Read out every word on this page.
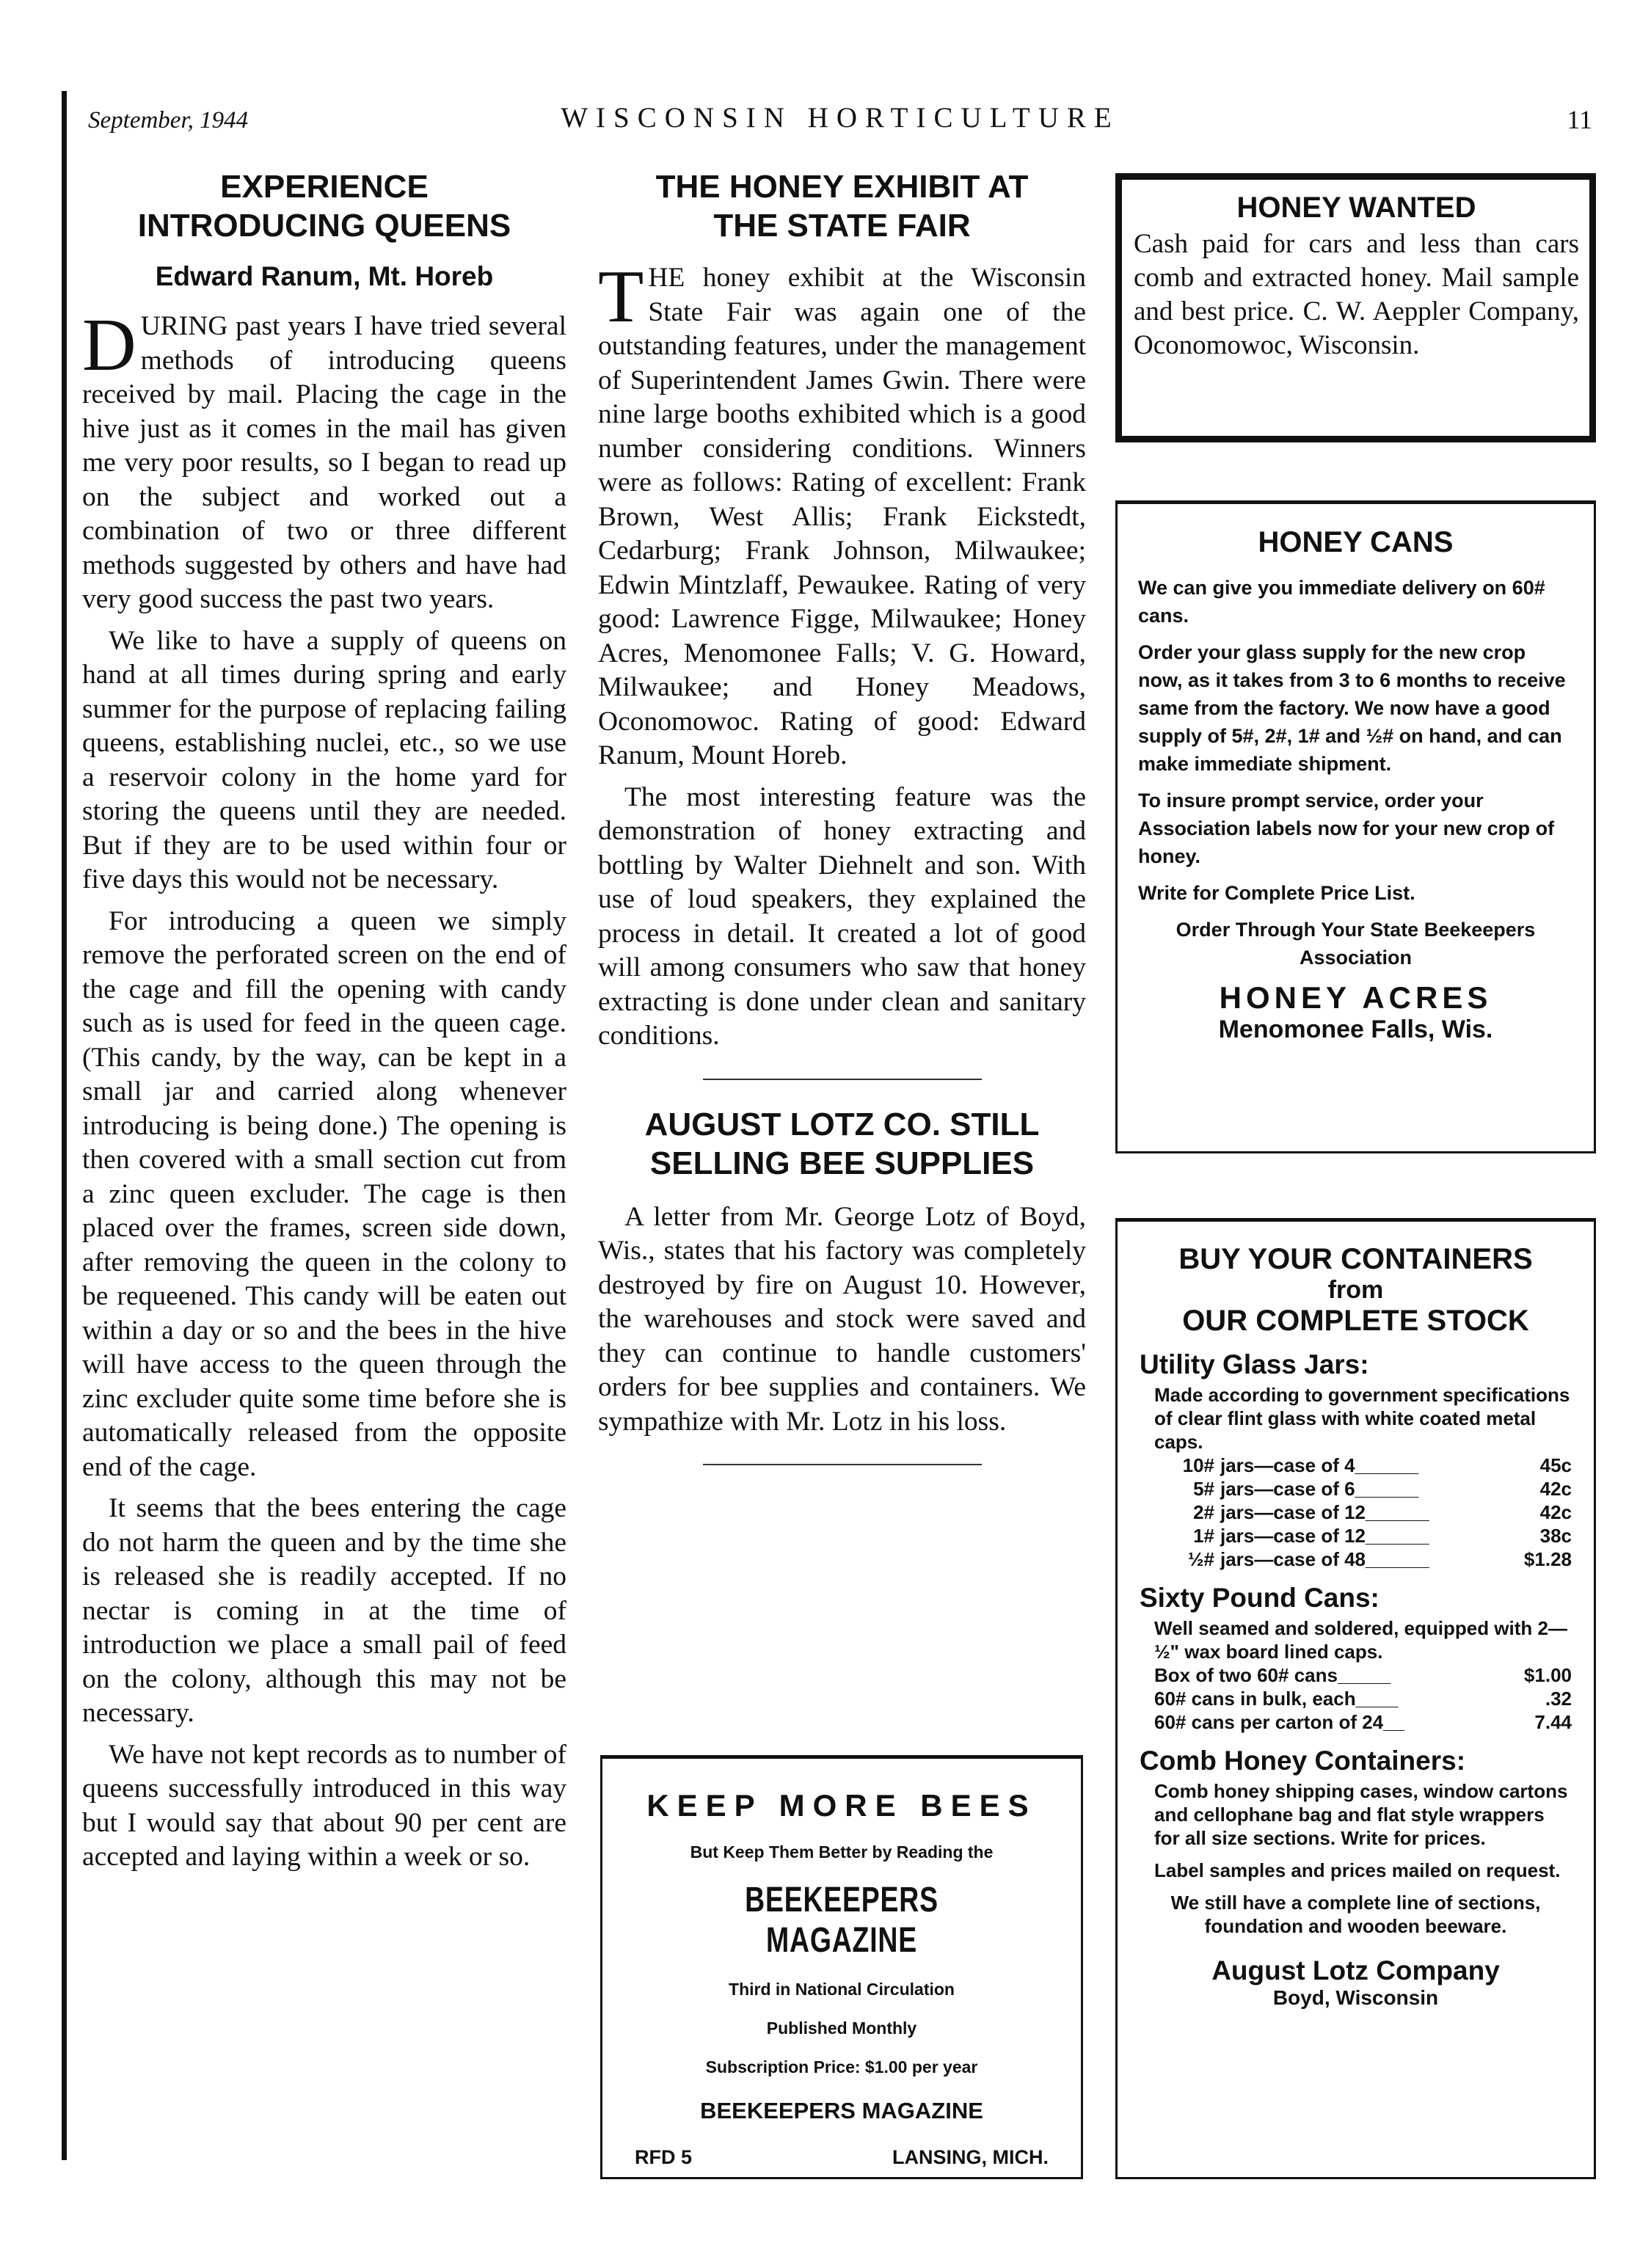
September, 1944	WISCONSIN HORTICULTURE	11
EXPERIENCE
INTRODUCING QUEENS
Edward Ranum, Mt. Horeb

DURING past years I have tried several methods of introducing queens received by mail. Placing the cage in the hive just as it comes in the mail has given me very poor results, so I began to read up on the subject and worked out a combination of two or three different methods suggested by others and have had very good success the past two years.

We like to have a supply of queens on hand at all times during spring and early summer for the purpose of replacing failing queens, establishing nuclei, etc., so we use a reservoir colony in the home yard for storing the queens until they are needed. But if they are to be used within four or five days this would not be necessary.

For introducing a queen we simply remove the perforated screen on the end of the cage and fill the opening with candy such as is used for feed in the queen cage. (This candy, by the way, can be kept in a small jar and carried along whenever introducing is being done.) The opening is then covered with a small section cut from a zinc queen excluder. The cage is then placed over the frames, screen side down, after removing the queen in the colony to be requeened. This candy will be eaten out within a day or so and the bees in the hive will have access to the queen through the zinc excluder quite some time before she is automatically released from the opposite end of the cage.

It seems that the bees entering the cage do not harm the queen and by the time she is released she is readily accepted. If no nectar is coming in at the time of introduction we place a small pail of feed on the colony, although this may not be necessary.

We have not kept records as to number of queens successfully introduced in this way but I would say that about 90 per cent are accepted and laying within a week or so.

THE HONEY EXHIBIT AT
THE STATE FAIR

THE honey exhibit at the Wisconsin State Fair was again one of the outstanding features, under the management of Superintendent James Gwin. There were nine large booths exhibited which is a good number considering conditions. Winners were as follows: Rating of excellent: Frank Brown, West Allis; Frank Eickstedt, Cedarburg; Frank Johnson, Milwaukee; Edwin Mintzlaff, Pewaukee. Rating of very good: Lawrence Figge, Milwaukee; Honey Acres, Menomonee Falls; V. G. Howard, Milwaukee; and Honey Meadows, Oconomowoc. Rating of good: Edward Ranum, Mount Horeb.

The most interesting feature was the demonstration of honey extracting and bottling by Walter Diehnelt and son. With use of loud speakers, they explained the process in detail. It created a lot of good will among consumers who saw that honey extracting is done under clean and sanitary conditions.

AUGUST LOTZ CO. STILL
SELLING BEE SUPPLIES

A letter from Mr. George Lotz of Boyd, Wis., states that his factory was completely destroyed by fire on August 10. However, the warehouses and stock were saved and they can continue to handle customers' orders for bee supplies and containers. We sympathize with Mr. Lotz in his loss.

KEEP MORE BEES
But Keep Them Better by Reading the
BEEKEEPERS MAGAZINE
Third in National Circulation
Published Monthly
Subscription Price: $1.00 per year
BEEKEEPERS MAGAZINE
RFD 5	LANSING, MICH.
HONEY WANTED
Cash paid for cars and less than cars comb and extracted honey. Mail sample and best price. C. W. Aeppler Company, Oconomowoc, Wisconsin.
HONEY CANS
We can give you immediate delivery on 60# cans.
Order your glass supply for the new crop now, as it takes from 3 to 6 months to receive same from the factory. We now have a good supply of 5#, 2#, 1# and ½# on hand, and can make immediate shipment.
To insure prompt service, order your Association labels now for your new crop of honey.
Write for Complete Price List.
Order Through Your State Beekeepers Association
HONEY ACRES
Menomonee Falls, Wis.
BUY YOUR CONTAINERS
from
OUR COMPLETE STOCK
Utility Glass Jars:
Made according to government specifications of clear flint glass with white coated metal caps.
10# jars—case of 4______	45c
5# jars—case of 6______	42c
2# jars—case of 12______	42c
1# jars—case of 12______	38c
½# jars—case of 48______	$1.28
Sixty Pound Cans:
Well seamed and soldered, equipped with 2—½" wax board lined caps.
Box of two 60# cans_____	$1.00
60# cans in bulk, each____	.32
60# cans per carton of 24__	7.44
Comb Honey Containers:
Comb honey shipping cases, window cartons and cellophane bag and flat style wrappers for all size sections. Write for prices.
Label samples and prices mailed on request.
We still have a complete line of sections, foundation and wooden beeware.
August Lotz Company
Boyd, Wisconsin
